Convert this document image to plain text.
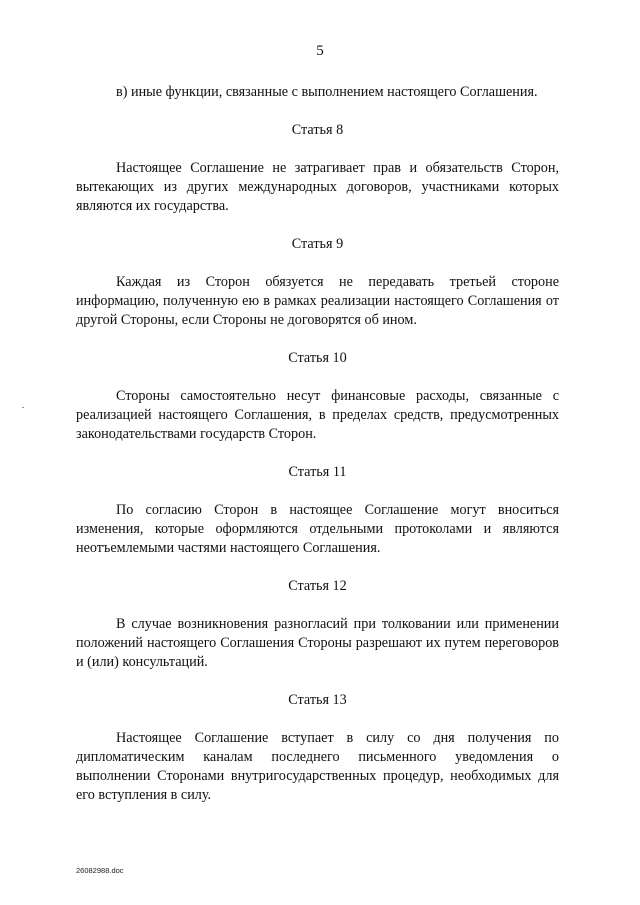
5

в) иные функции, связанные с выполнением настоящего Соглашения.

Статья 8

Настоящее Соглашение не затрагивает прав и обязательств Сторон, вытекающих из других международных договоров, участниками которых являются их государства.

Статья 9

Каждая из Сторон обязуется не передавать третьей стороне информацию, полученную ею в рамках реализации настоящего Соглашения от другой Стороны, если Стороны не договорятся об ином.

Статья 10

Стороны самостоятельно несут финансовые расходы, связанные с реализацией настоящего Соглашения, в пределах средств, предусмотренных законодательствами государств Сторон.

Статья 11

По согласию Сторон в настоящее Соглашение могут вноситься изменения, которые оформляются отдельными протоколами и являются неотъемлемыми частями настоящего Соглашения.

Статья 12

В случае возникновения разногласий при толковании или применении положений настоящего Соглашения Стороны разрешают их путем переговоров и (или) консультаций.

Статья 13

Настоящее Соглашение вступает в силу со дня получения по дипломатическим каналам последнего письменного уведомления о выполнении Сторонами внутригосударственных процедур, необходимых для его вступления в силу.

26082988.doc
